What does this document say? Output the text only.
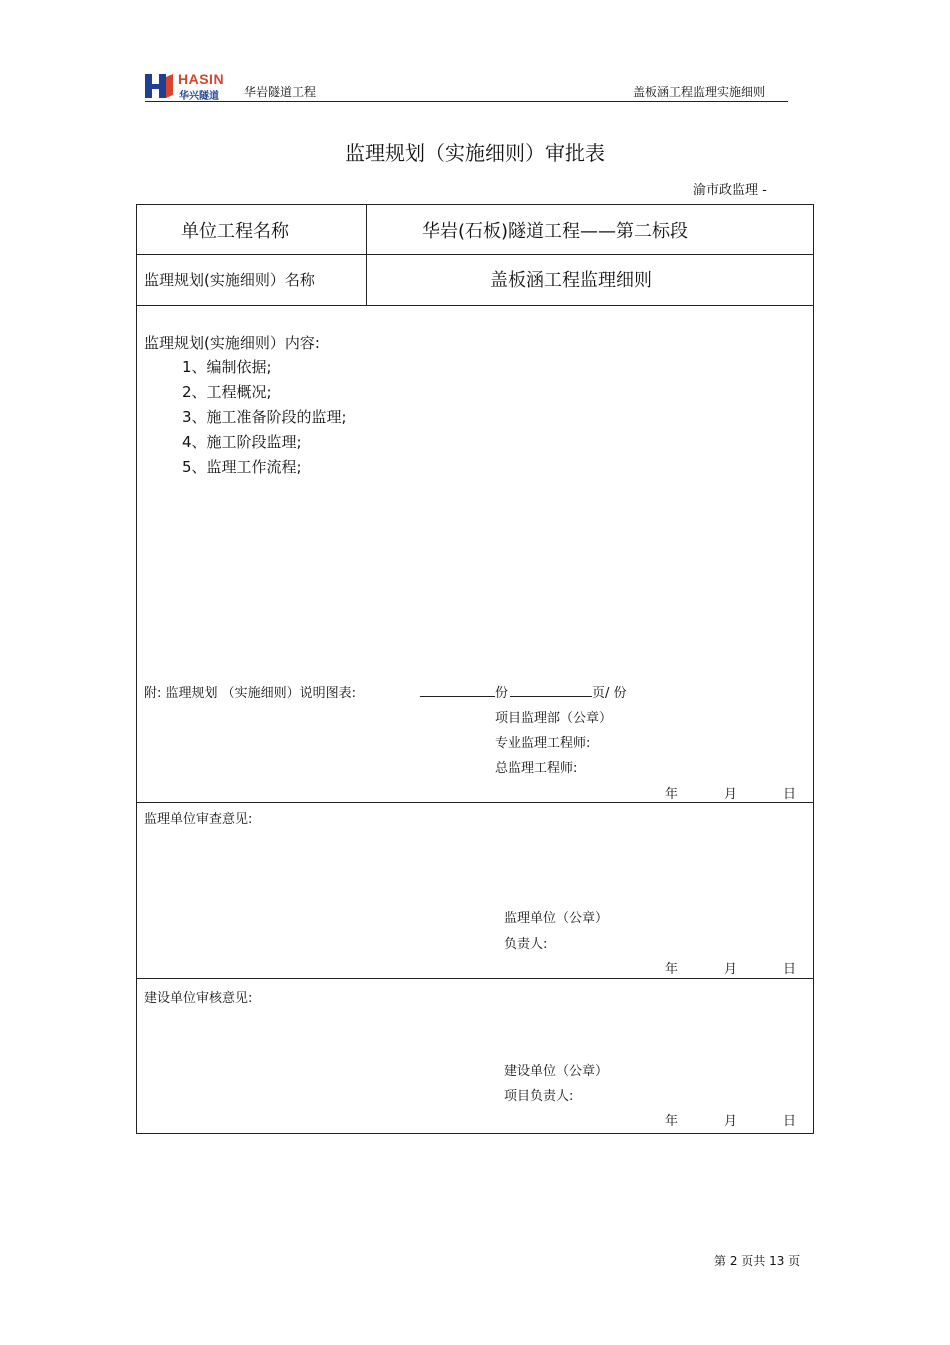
HASIN
华兴隧道 华岩隧道工程	盖板涵工程监理实施细则
监理规划（实施细则）审批表
渝市政监理 -
单位工程名称	华岩(石板)隧道工程——第二标段
监理规划(实施细则）名称	盖板涵工程监理细则
监理规划(实施细则）内容:
1、编制依据;
2、工程概况;
3、施工准备阶段的监理;
4、施工阶段监理;
5、监理工作流程;
附: 监理规划 （实施细则）说明图表:	份	页/ 份
项目监理部（公章）
专业监理工程师:
总监理工程师:
年	月	日
监理单位审查意见:
监理单位（公章）
负责人:
年	月	日
建设单位审核意见:
建设单位（公章）
项目负责人:
年	月	日
第 2 页共 13 页
